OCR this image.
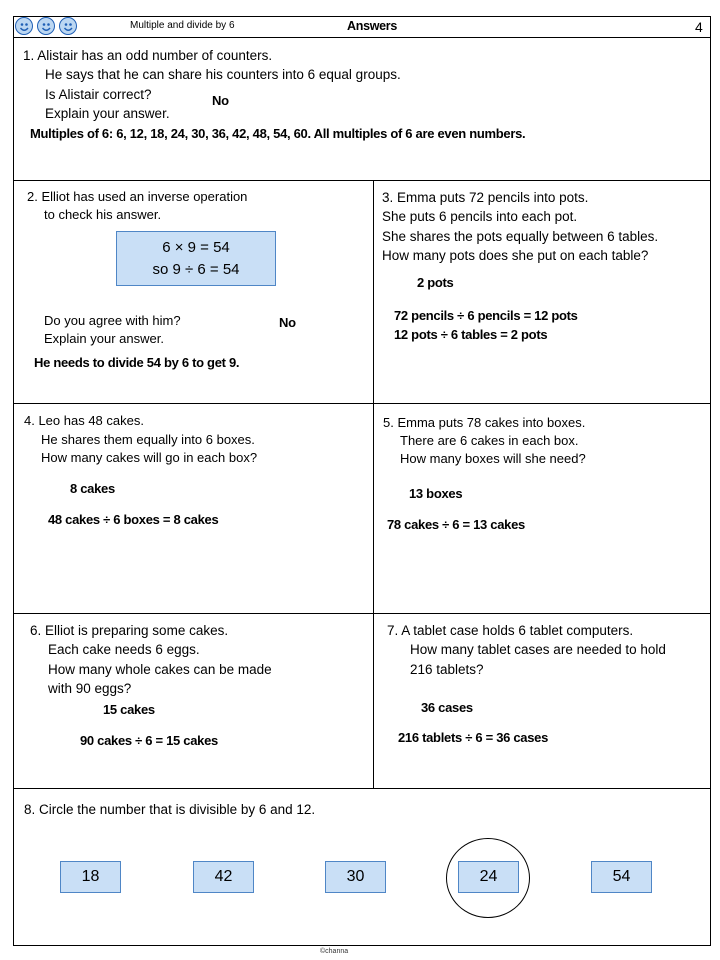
Multiple and divide by 6	Answers	4
1. Alistair has an odd number of counters.
He says that he can share his counters into 6 equal groups.
Is Alistair correct?
Explain your answer.
No
Multiples of 6: 6, 12, 18, 24, 30, 36, 42, 48, 54, 60. All multiples of 6 are even numbers.
2. Elliot has used an inverse operation
to check his answer.
6 × 9 = 54
so 9 ÷ 6 = 54
Do you agree with him?
Explain your answer.
No
He needs to divide 54 by 6 to get 9.
3. Emma puts 72 pencils into pots.
She puts 6 pencils into each pot.
She shares the pots equally between 6 tables.
How many pots does she put on each table?
2 pots
72 pencils ÷ 6 pencils = 12 pots
12 pots ÷ 6 tables = 2 pots
4. Leo has 48 cakes.
He shares them equally into 6 boxes.
How many cakes will go in each box?
8 cakes
48 cakes ÷ 6 boxes = 8 cakes
5. Emma puts 78 cakes into boxes.
There are 6 cakes in each box.
How many boxes will she need?
13 boxes
78 cakes ÷ 6 = 13 cakes
6. Elliot is preparing some cakes.
Each cake needs 6 eggs.
How many whole cakes can be made
with 90 eggs?
15 cakes
90 cakes ÷ 6 = 15 cakes
7. A tablet case holds 6 tablet computers.
How many tablet cases are needed to hold
216 tablets?
36 cases
216 tablets ÷ 6 = 36 cases
8. Circle the number that is divisible by 6 and 12.
18	42	30	24	54
©channa
